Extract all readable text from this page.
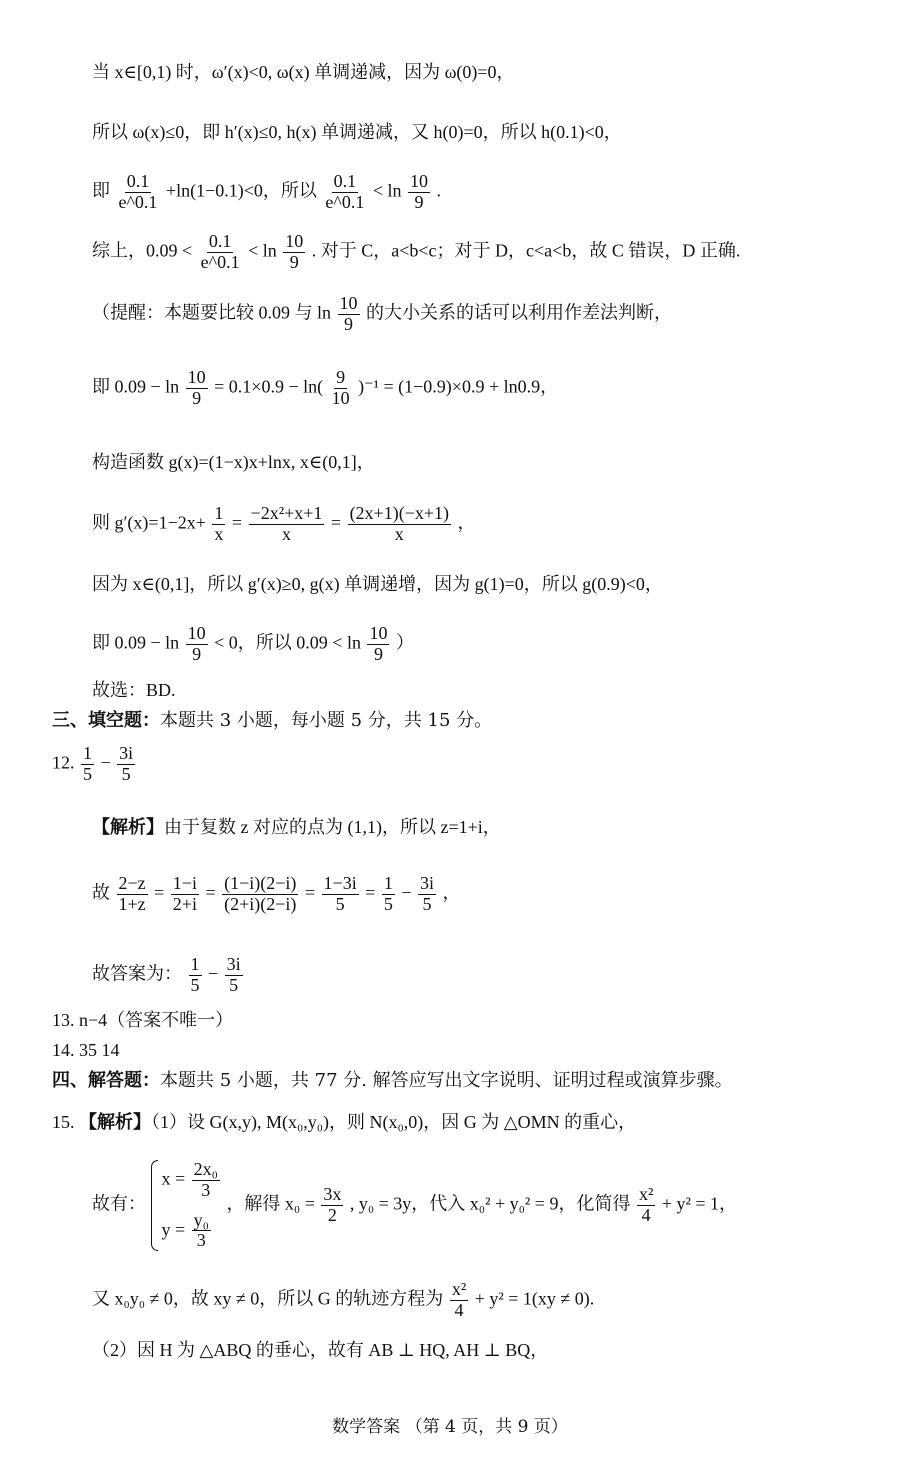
当 x∈[0,1) 时，ω′(x)<0, ω(x) 单调递减，因为 ω(0)=0，
所以 ω(x)≤0，即 h′(x)≤0, h(x) 单调递减，又 h(0)=0，所以 h(0.1)<0，
即 $\frac{0.1}{e\^{}0.1} +\ln(1-0.1)<0$，所以 $\frac{0.1}{e\^{}0.1} < \ln \frac{10}{9}$ .
综上，$0.09 < \frac{0.1}{e\^{}0.1} < \ln \frac{10}{9}$ . 对于 C，a<b<c；对于 D，c<a<b，故 C 错误，D 正确.
（提醒：本题要比较 0.09 与 $\ln \frac{10}{9}$ 的大小关系的话可以利用作差法判断，
即 $0.09 - \ln \frac{10}{9} = 0.1\times 0.9 - \ln( \frac{9}{10} )^{-1} = (1-0.9)\times 0.9 + \ln 0.9$，
构造函数 g(x)=(1−x)x+lnx, x∈(0,1]，
则 $g'(x)=1-2x+ \frac{1}{x} = \frac{\text{−2x²+x+1}}{x} = \frac{(2x+1)(-x+1)}{x}$ ，
因为 x∈(0,1]，所以 g′(x)≥0, g(x) 单调递增，因为 g(1)=0，所以 g(0.9)<0，
即 $0.09 - \ln \frac{10}{9} < 0$，所以 $0.09 < \ln \frac{10}{9}$ ）
故选：BD.
三、填空题：本题共 3 小题，每小题 5 分，共 15 分。
12. $\frac{1}{5} - \frac{3i}{5}$
【解析】由于复数 z 对应的点为 (1,1)，所以 z=1+i，
故 $\frac{2-z}{1+z} = \frac{1-i}{2+i} = \frac{(1-i)(2-i)}{(2+i)(2-i)} = \frac{1-3i}{5} = \frac{1}{5} - \frac{3i}{5}$ ，
故答案为： $\frac{1}{5} - \frac{3i}{5}$
13. n−4（答案不唯一）
14. 35 14
四、解答题：本题共 5 小题，共 77 分. 解答应写出文字说明、证明过程或演算步骤。
15. 【解析】（1）设 G(x,y), M(x₀,y₀)，则 N(x₀,0)，因 G 为 △OMN 的重心，
故有：
$x = \frac{\text{2x₀}}{3}$
$y = \frac{\text{y₀}}{3}$
，解得 $x_0 = \frac{3x}{2}$ , y₀ = 3y，代入 x₀² + y₀² = 9，化简得 $\frac{\text{x²}}{4} + y^2 = 1$，
又 x₀y₀ ≠ 0，故 xy ≠ 0，所以 G 的轨迹方程为 $\frac{\text{x²}}{4} + y^2 = 1(xy \ne 0)$.
（2）因 H 为 △ABQ 的垂心，故有 AB ⊥ HQ, AH ⊥ BQ，
数学答案 （第 4 页，共 9 页）
